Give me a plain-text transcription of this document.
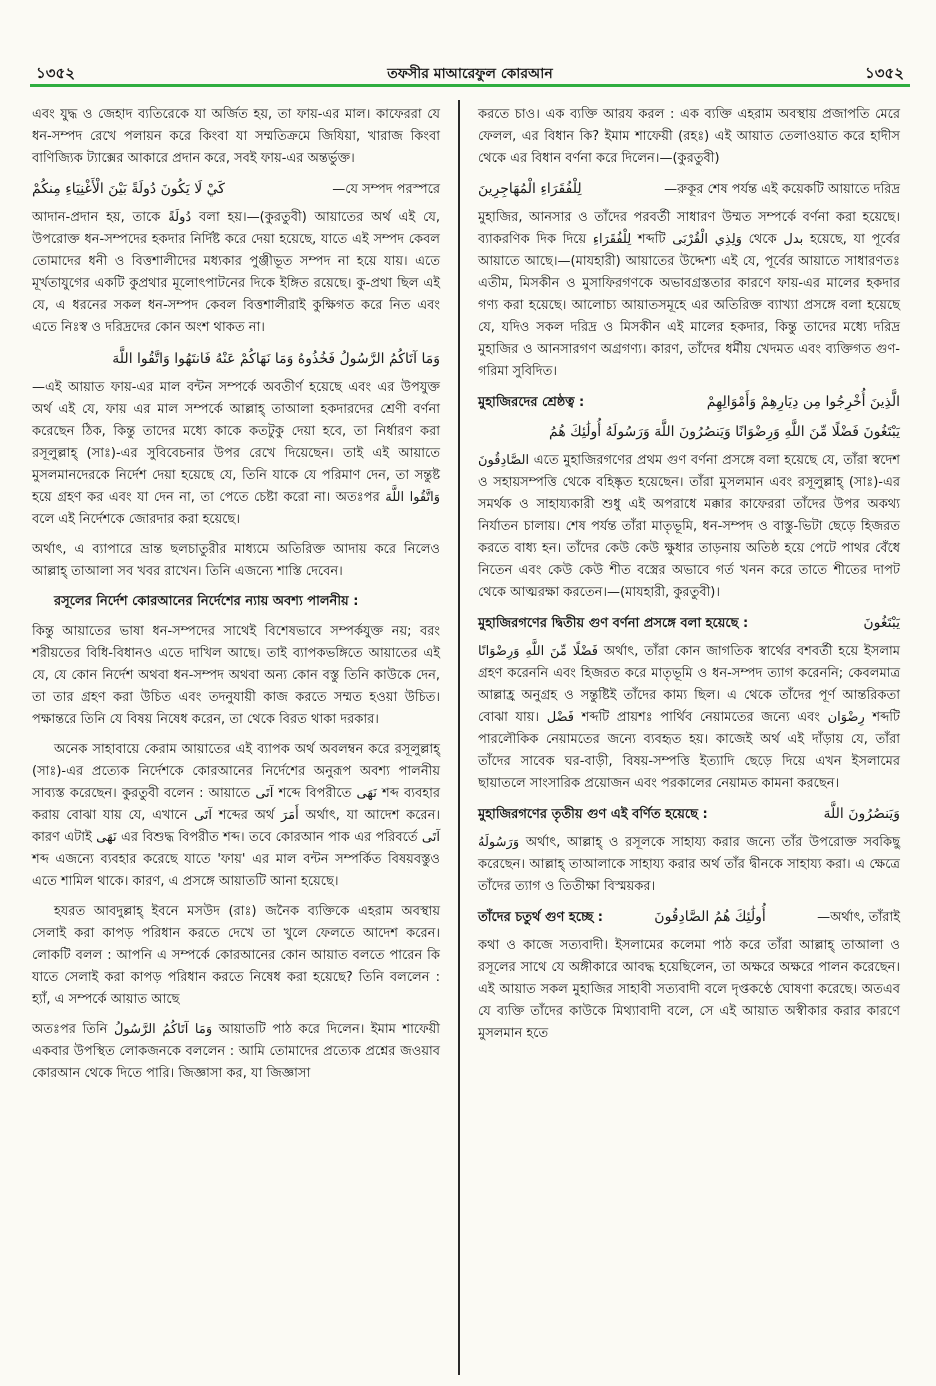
১৩৫২	তফসীর মাআরেফুল কোরআন	১৩৫২

এবং যুদ্ধ ও জেহাদ ব্যতিরেকে যা অর্জিত হয়, তা ফায়-এর মাল। কাফেররা যে ধন-সম্পদ রেখে পলায়ন করে কিংবা যা সম্মতিক্রমে জিযিয়া, খারাজ কিংবা বাণিজ্যিক ট্যাক্সের আকারে প্রদান করে, সবই ফায়-এর অন্তর্ভুক্ত।

كَيْ لَا يَكُونَ دُولَةً بَيْنَ الْأَغْنِيَاءِ مِنكُمْ	—যে সম্পদ পরস্পরে

আদান-প্রদান হয়, তাকে دُولَةً বলা হয়।—(কুরতুবী) আয়াতের অর্থ এই যে, উপরোক্ত ধন-সম্পদের হকদার নির্দিষ্ট করে দেয়া হয়েছে, যাতে এই সম্পদ কেবল তোমাদের ধনী ও বিত্তশালীদের মধ্যকার পুঞ্জীভূত সম্পদ না হয়ে যায়। এতে মূর্খতাযুগের একটি কুপ্রথার মূলোৎপাটনের দিকে ইঙ্গিত রয়েছে। কু-প্রথা ছিল এই যে, এ ধরনের সকল ধন-সম্পদ কেবল বিত্তশালীরাই কুক্ষিগত করে নিত এবং এতে নিঃস্ব ও দরিদ্রদের কোন অংশ থাকত না।

وَمَا آتَاكُمُ الرَّسُولُ فَخُذُوهُ وَمَا نَهَاكُمْ عَنْهُ فَانتَهُوا وَاتَّقُوا اللَّهَ

—এই আয়াত ফায়-এর মাল বন্টন সম্পর্কে অবতীর্ণ হয়েছে এবং এর উপযুক্ত অর্থ এই যে, ফায় এর মাল সম্পর্কে আল্লাহ্ তাআলা হকদারদের শ্রেণী বর্ণনা করেছেন ঠিক, কিন্তু তাদের মধ্যে কাকে কতটুকু দেয়া হবে, তা নির্ধারণ করা রসূলুল্লাহ্ (সাঃ)-এর সুবিবেচনার উপর রেখে দিয়েছেন। তাই এই আয়াতে মুসলমানদেরকে নির্দেশ দেয়া হয়েছে যে, তিনি যাকে যে পরিমাণ দেন, তা সন্তুষ্ট হয়ে গ্রহণ কর এবং যা দেন না, তা পেতে চেষ্টা করো না। অতঃপর وَاتَّقُوا اللَّهَ বলে এই নির্দেশকে জোরদার করা হয়েছে।

অর্থাৎ, এ ব্যাপারে ভ্রান্ত ছলচাতুরীর মাধ্যমে অতিরিক্ত আদায় করে নিলেও আল্লাহ্ তাআলা সব খবর রাখেন। তিনি এজন্যে শাস্তি দেবেন।

রসূলের নির্দেশ কোরআনের নির্দেশের ন্যায় অবশ্য পালনীয় :

কিন্তু আয়াতের ভাষা ধন-সম্পদের সাথেই বিশেষভাবে সম্পর্কযুক্ত নয়; বরং শরীয়তের বিধি-বিধানও এতে দাখিল আছে। তাই ব্যাপকভঙ্গিতে আয়াতের এই যে, যে কোন নির্দেশ অথবা ধন-সম্পদ অথবা অন্য কোন বস্তু তিনি কাউকে দেন, তা তার গ্রহণ করা উচিত এবং তদনুযায়ী কাজ করতে সম্মত হওয়া উচিত। পক্ষান্তরে তিনি যে বিষয় নিষেধ করেন, তা থেকে বিরত থাকা দরকার।

অনেক সাহাবায়ে কেরাম আয়াতের এই ব্যাপক অর্থ অবলম্বন করে রসূলুল্লাহ্ (সাঃ)-এর প্রত্যেক নির্দেশকে কোরআনের নির্দেশের অনুরূপ অবশ্য পালনীয় সাব্যস্ত করেছেন। কুরতুবী বলেন : আয়াতে آتَى শব্দে বিপরীতে نَهَى শব্দ ব্যবহার করায় বোঝা যায় যে, এখানে آتَى শব্দের অর্থ أَمَرَ অর্থাৎ, যা আদেশ করেন। কারণ এটাই نَهَى এর বিশুদ্ধ বিপরীত শব্দ। তবে কোরআন পাক এর পরিবর্তে آتَى শব্দ এজন্যে ব্যবহার করেছে যাতে 'ফায়' এর মাল বন্টন সম্পর্কিত বিষয়বস্তুও এতে শামিল থাকে। কারণ, এ প্রসঙ্গে আয়াতটি আনা হয়েছে।

হযরত আবদুল্লাহ্ ইবনে মসউদ (রাঃ) জনৈক ব্যক্তিকে এহরাম অবস্থায় সেলাই করা কাপড় পরিধান করতে দেখে তা খুলে ফেলতে আদেশ করেন। লোকটি বলল : আপনি এ সম্পর্কে কোরআনের কোন আয়াত বলতে পারেন কি যাতে সেলাই করা কাপড় পরিধান করতে নিষেধ করা হয়েছে? তিনি বললেন : হ্যাঁ, এ সম্পর্কে আয়াত আছে

অতঃপর তিনি وَمَا آتَاكُمُ الرَّسُولُ আয়াতটি পাঠ করে দিলেন। ইমাম শাফেয়ী একবার উপস্থিত লোকজনকে বললেন : আমি তোমাদের প্রত্যেক প্রশ্নের জওয়াব কোরআন থেকে দিতে পারি। জিজ্ঞাসা কর, যা জিজ্ঞাসা

করতে চাও। এক ব্যক্তি আরয করল : এক ব্যক্তি এহরাম অবস্থায় প্রজাপতি মেরে ফেলল, এর বিধান কি? ইমাম শাফেয়ী (রহঃ) এই আয়াত তেলাওয়াত করে হাদীস থেকে এর বিধান বর্ণনা করে দিলেন।—(কুরতুবী)

لِلْفُقَرَاءِ الْمُهَاجِرِينَ	—রুকূর শেষ পর্যন্ত এই কয়েকটি আয়াতে দরিদ্র

মুহাজির, আনসার ও তাঁদের পরবর্তী সাধারণ উম্মত সম্পর্কে বর্ণনা করা হয়েছে। ব্যাকরণিক দিক দিয়ে لِلْفُقَرَاءِ শব্দটি وَلِذِي الْقُرْبَى থেকে بدل হয়েছে, যা পূর্বের আয়াতে আছে।—(মাযহারী) আয়াতের উদ্দেশ্য এই যে, পূর্বের আয়াতে সাধারণতঃ এতীম, মিসকীন ও মুসাফিরগণকে অভাবগ্রস্ততার কারণে ফায়-এর মালের হকদার গণ্য করা হয়েছে। আলোচ্য আয়াতসমূহে এর অতিরিক্ত ব্যাখ্যা প্রসঙ্গে বলা হয়েছে যে, যদিও সকল দরিদ্র ও মিসকীন এই মালের হকদার, কিন্তু তাদের মধ্যে দরিদ্র মুহাজির ও আনসারগণ অগ্রগণ্য। কারণ, তাঁদের ধর্মীয় খেদমত এবং ব্যক্তিগত গুণ-গরিমা সুবিদিত।

মুহাজিরদের শ্রেষ্ঠত্ব :	الَّذِينَ أُخْرِجُوا مِن دِيَارِهِمْ وَأَمْوَالِهِمْ
يَبْتَغُونَ فَضْلًا مِّنَ اللَّهِ وَرِضْوَانًا وَيَنصُرُونَ اللَّهَ وَرَسُولَهُ أُولَٰئِكَ هُمُ

الصَّادِقُونَ এতে মুহাজিরগণের প্রথম গুণ বর্ণনা প্রসঙ্গে বলা হয়েছে যে, তাঁরা স্বদেশ ও সহায়সম্পত্তি থেকে বহিষ্কৃত হয়েছেন। তাঁরা মুসলমান এবং রসূলুল্লাহ্ (সাঃ)-এর সমর্থক ও সাহায্যকারী শুধু এই অপরাধে মক্কার কাফেররা তাঁদের উপর অকথ্য নির্যাতন চালায়। শেষ পর্যন্ত তাঁরা মাতৃভূমি, ধন-সম্পদ ও বাস্তু-ভিটা ছেড়ে হিজরত করতে বাধ্য হন। তাঁদের কেউ কেউ ক্ষুধার তাড়নায় অতিষ্ঠ হয়ে পেটে পাথর বেঁধে নিতেন এবং কেউ কেউ শীত বস্ত্রের অভাবে গর্ত খনন করে তাতে শীতের দাপট থেকে আত্মরক্ষা করতেন।—(মাযহারী, কুরতুবী)।

মুহাজিরগণের দ্বিতীয় গুণ বর্ণনা প্রসঙ্গে বলা হয়েছে :	يَبْتَغُونَ

فَضْلًا مِّنَ اللَّهِ وَرِضْوَانًا অর্থাৎ, তাঁরা কোন জাগতিক স্বার্থের বশবর্তী হয়ে ইসলাম গ্রহণ করেননি এবং হিজরত করে মাতৃভূমি ও ধন-সম্পদ ত্যাগ করেননি; কেবলমাত্র আল্লাহ্র অনুগ্রহ ও সন্তুষ্টিই তাঁদের কাম্য ছিল। এ থেকে তাঁদের পূর্ণ আন্তরিকতা বোঝা যায়। فَضْل শব্দটি প্রায়শঃ পার্থিব নেয়ামতের জন্যে এবং رِضْوَان শব্দটি পারলৌকিক নেয়ামতের জন্যে ব্যবহৃত হয়। কাজেই অর্থ এই দাঁড়ায় যে, তাঁরা তাঁদের সাবেক ঘর-বাড়ী, বিষয়-সম্পত্তি ইত্যাদি ছেড়ে দিয়ে এখন ইসলামের ছায়াতলে সাংসারিক প্রয়োজন এবং পরকালের নেয়ামত কামনা করছেন।

মুহাজিরগণের তৃতীয় গুণ এই বর্ণিত হয়েছে :	وَيَنصُرُونَ اللَّهَ

وَرَسُولَهُ অর্থাৎ, আল্লাহ্ ও রসূলকে সাহায্য করার জন্যে তাঁর উপরোক্ত সবকিছু করেছেন। আল্লাহ্ তাআলাকে সাহায্য করার অর্থ তাঁর দ্বীনকে সাহায্য করা। এ ক্ষেত্রে তাঁদের ত্যাগ ও তিতীক্ষা বিস্ময়কর।

তাঁদের চতুর্থ গুণ হচ্ছে :	أُولَٰئِكَ هُمُ الصَّادِقُونَ	—অর্থাৎ, তাঁরাই

কথা ও কাজে সত্যবাদী। ইসলামের কলেমা পাঠ করে তাঁরা আল্লাহ্ তাআলা ও রসূলের সাথে যে অঙ্গীকারে আবদ্ধ হয়েছিলেন, তা অক্ষরে অক্ষরে পালন করেছেন। এই আয়াত সকল মুহাজির সাহাবী সত্যবাদী বলে দৃপ্তকণ্ঠে ঘোষণা করেছে। অতএব যে ব্যক্তি তাঁদের কাউকে মিথ্যাবাদী বলে, সে এই আয়াত অস্বীকার করার কারণে মুসলমান হতে
